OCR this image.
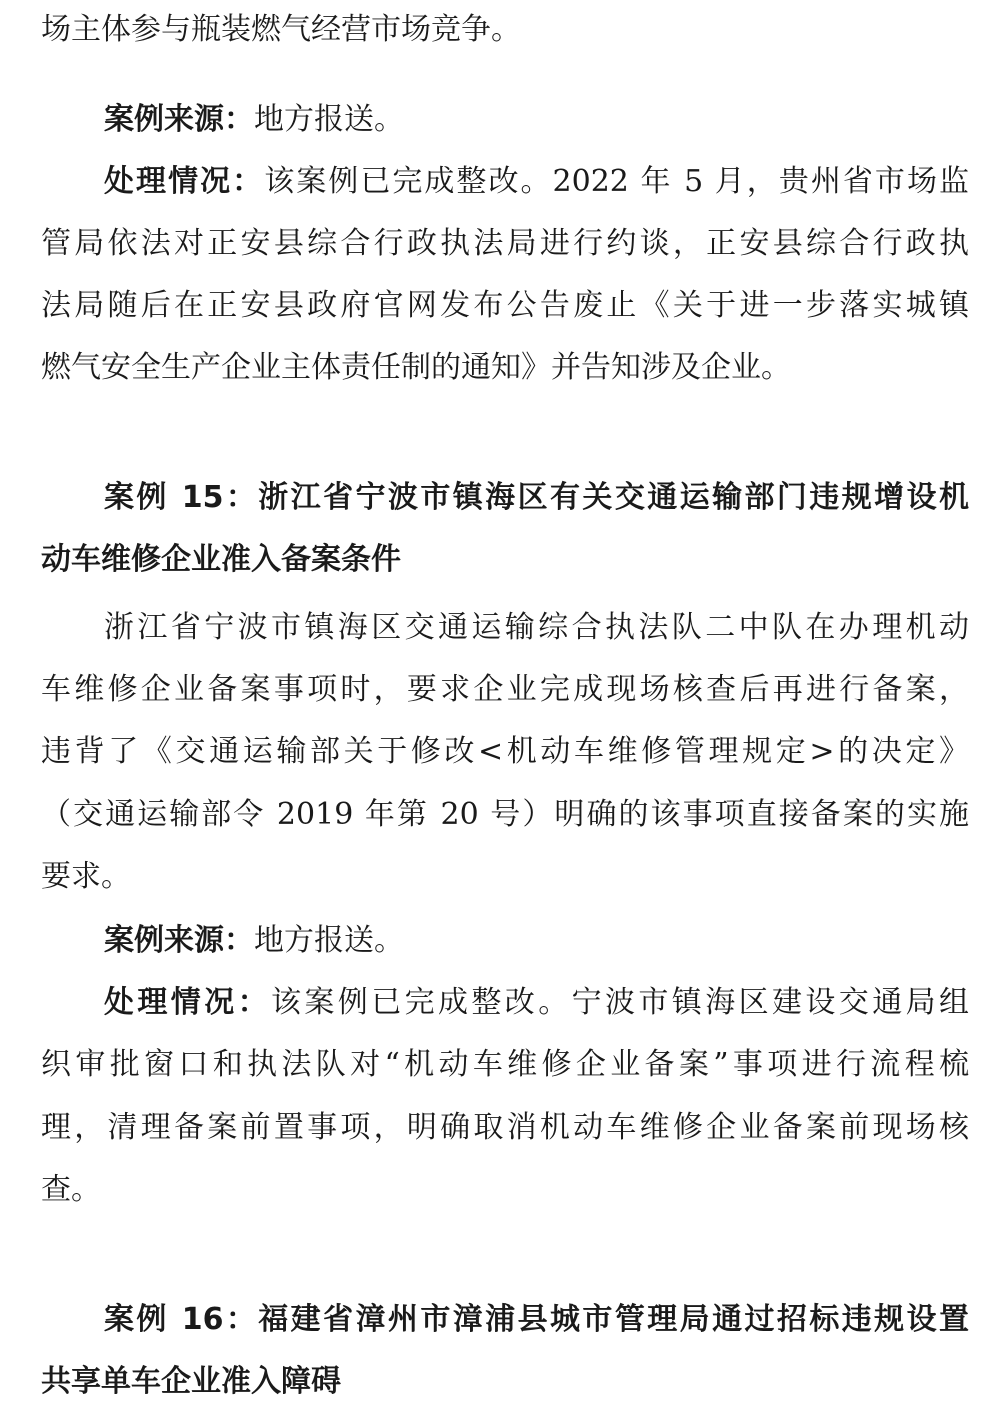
场主体参与瓶装燃气经营市场竞争。
案例来源：地方报送。
处理情况：该案例已完成整改。2022 年 5 月，贵州省市场监
管局依法对正安县综合行政执法局进行约谈，正安县综合行政执
法局随后在正安县政府官网发布公告废止《关于进一步落实城镇
燃气安全生产企业主体责任制的通知》并告知涉及企业。
案例 15：浙江省宁波市镇海区有关交通运输部门违规增设机
动车维修企业准入备案条件
浙江省宁波市镇海区交通运输综合执法队二中队在办理机动
车维修企业备案事项时，要求企业完成现场核查后再进行备案，
违背了《交通运输部关于修改<机动车维修管理规定>的决定》
（交通运输部令 2019 年第 20 号）明确的该事项直接备案的实施
要求。
案例来源：地方报送。
处理情况：该案例已完成整改。宁波市镇海区建设交通局组
织审批窗口和执法队对“机动车维修企业备案”事项进行流程梳
理，清理备案前置事项，明确取消机动车维修企业备案前现场核
查。
案例 16：福建省漳州市漳浦县城市管理局通过招标违规设置
共享单车企业准入障碍
